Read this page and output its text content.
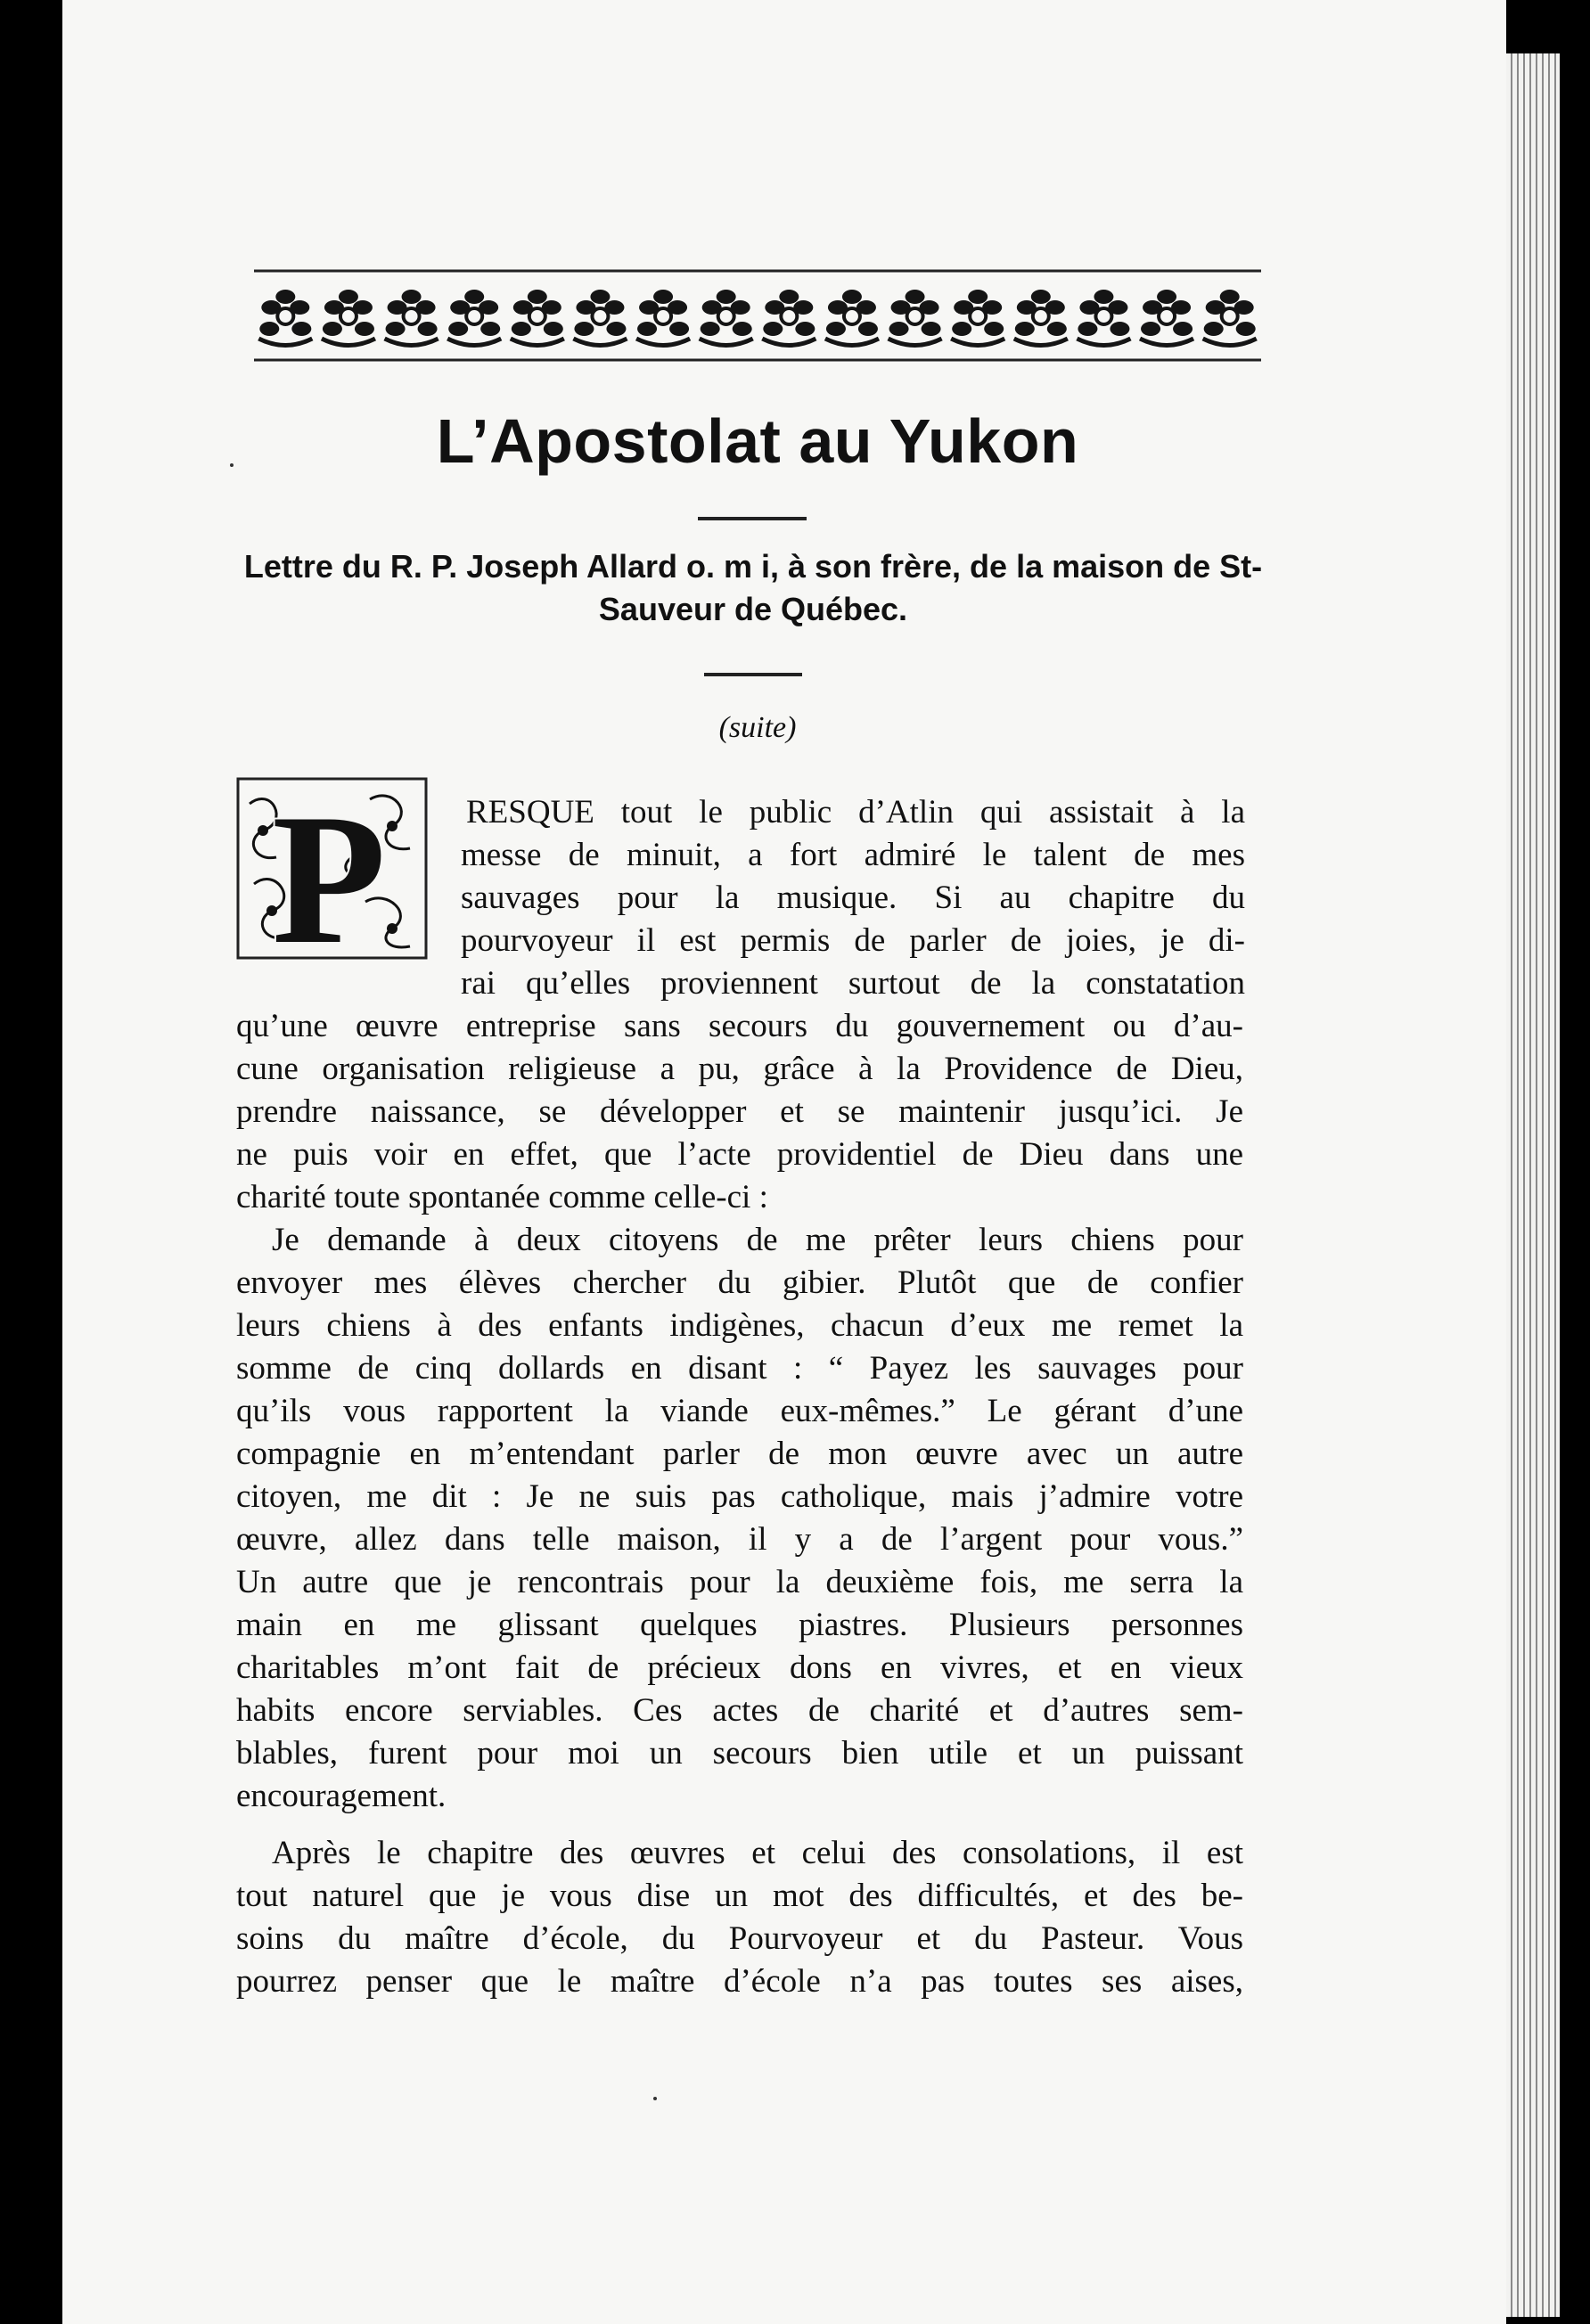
L’Apostolat au Yukon
Lettre du R. P. Joseph Allard o. m i, à son frère, de la maison de St-Sauveur de Québec.
(suite)
P RESQUE tout le public d’Atlin qui assistait à la
messe de minuit, a fort admiré le talent de mes
sauvages pour la musique. Si au chapitre du
pourvoyeur il est permis de parler de joies, je di-
rai qu’elles proviennent surtout de la constatation
qu’une œuvre entreprise sans secours du gouvernement ou d’au-
cune organisation religieuse a pu, grâce à la Providence de Dieu,
prendre naissance, se développer et se maintenir jusqu’ici. Je
ne puis voir en effet, que l’acte providentiel de Dieu dans une
charité toute spontanée comme celle-ci :
Je demande à deux citoyens de me prêter leurs chiens pour
envoyer mes élèves chercher du gibier. Plutôt que de confier
leurs chiens à des enfants indigènes, chacun d’eux me remet la
somme de cinq dollards en disant : “ Payez les sauvages pour
qu’ils vous rapportent la viande eux-mêmes.” Le gérant d’une
compagnie en m’entendant parler de mon œuvre avec un autre
citoyen, me dit : Je ne suis pas catholique, mais j’admire votre
œuvre, allez dans telle maison, il y a de l’argent pour vous.”
Un autre que je rencontrais pour la deuxième fois, me serra la
main en me glissant quelques piastres. Plusieurs personnes
charitables m’ont fait de précieux dons en vivres, et en vieux
habits encore serviables. Ces actes de charité et d’autres sem-
blables, furent pour moi un secours bien utile et un puissant
encouragement.
Après le chapitre des œuvres et celui des consolations, il est
tout naturel que je vous dise un mot des difficultés, et des be-
soins du maître d’école, du Pourvoyeur et du Pasteur. Vous
pourrez penser que le maître d’école n’a pas toutes ses aises,
